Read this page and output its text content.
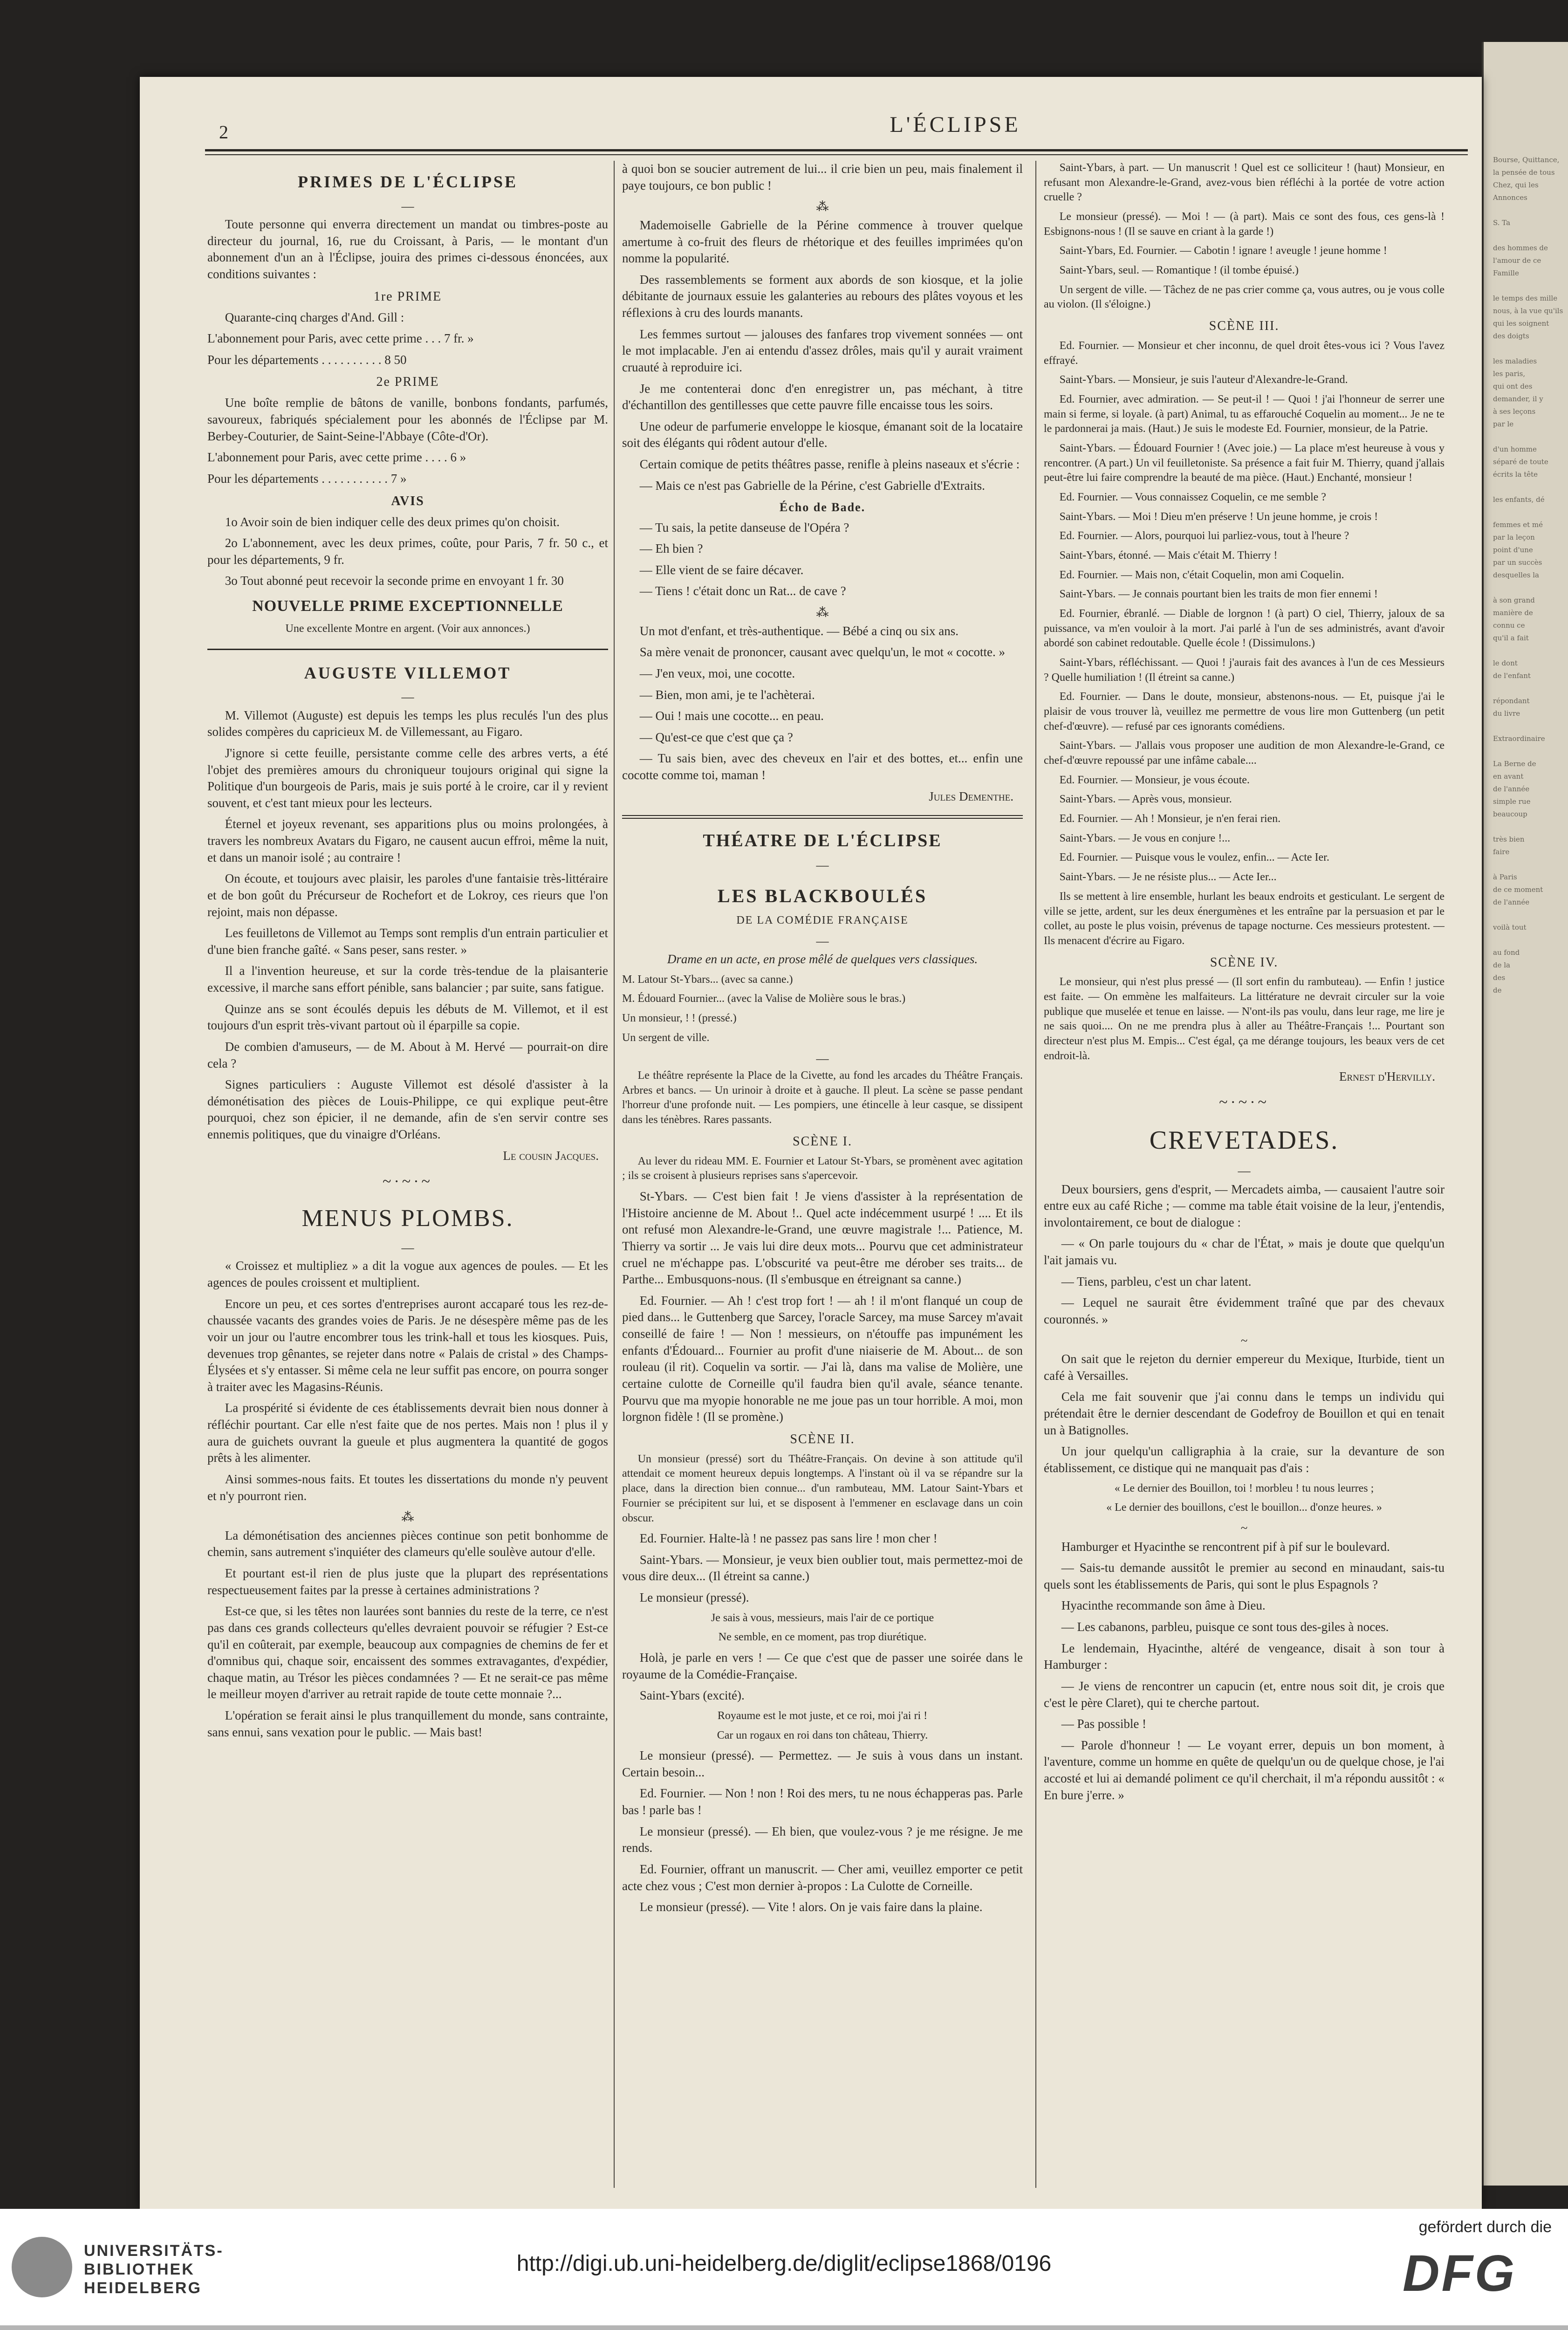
Bourse, Quittance,
la pensée de tous
Chez, qui les
Annonces

S. Ta

des hommes de
l'amour de ce
Famille

le temps des mille
nous, à la vue qu'ils
qui les soignent
des doigts

les maladies
les paris,
qui ont des
demander, il y
à ses leçons
par le

d'un homme
séparé de toute
écrits la tête

les enfants, dé

femmes et mé
par la leçon
point d'une
par un succès
desquelles la

à son grand
manière de
connu ce
qu'il a fait

le dont
de l'enfant

répondant
du livre

Extraordinaire

La Berne de
en avant
de l'année
simple rue
beaucoup

très bien
faire

à Paris
de ce moment
de l'année

voilà tout

au fond
de la
des
de
2	L'ÉCLIPSE
PRIMES DE L'ÉCLIPSE
—

Toute personne qui enverra directement un mandat ou timbres-poste au directeur du journal, 16, rue du Croissant, à Paris, — le montant d'un abonnement d'un an à l'Éclipse, jouira des primes ci-dessous énoncées, aux conditions suivantes :

1re PRIME

Quarante-cinq charges d'And. Gill :

L'abonnement pour Paris, avec cette prime . . . 7 fr. »

Pour les départements . . . . . . . . . . 8 50

2e PRIME

Une boîte remplie de bâtons de vanille, bonbons fondants, parfumés, savoureux, fabriqués spécialement pour les abonnés de l'Éclipse par M. Berbey-Couturier, de Saint-Seine-l'Abbaye (Côte-d'Or).

L'abonnement pour Paris, avec cette prime . . . . 6 »

Pour les départements . . . . . . . . . . . 7 »

AVIS

1o Avoir soin de bien indiquer celle des deux primes qu'on choisit.

2o L'abonnement, avec les deux primes, coûte, pour Paris, 7 fr. 50 c., et pour les départements, 9 fr.

3o Tout abonné peut recevoir la seconde prime en envoyant 1 fr. 30

NOUVELLE PRIME EXCEPTIONNELLE

Une excellente Montre en argent. (Voir aux annonces.)

AUGUSTE VILLEMOT
—

M. Villemot (Auguste) est depuis les temps les plus reculés l'un des plus solides compères du capricieux M. de Villemessant, au Figaro.

J'ignore si cette feuille, persistante comme celle des arbres verts, a été l'objet des premières amours du chroniqueur toujours original qui signe la Politique d'un bourgeois de Paris, mais je suis porté à le croire, car il y revient souvent, et c'est tant mieux pour les lecteurs.

Éternel et joyeux revenant, ses apparitions plus ou moins prolongées, à travers les nombreux Avatars du Figaro, ne causent aucun effroi, même la nuit, et dans un manoir isolé ; au contraire !

On écoute, et toujours avec plaisir, les paroles d'une fantaisie très-littéraire et de bon goût du Précurseur de Rochefort et de Lokroy, ces rieurs que l'on rejoint, mais non dépasse.

Les feuilletons de Villemot au Temps sont remplis d'un entrain particulier et d'une bien franche gaîté. « Sans peser, sans rester. »

Il a l'invention heureuse, et sur la corde très-tendue de la plaisanterie excessive, il marche sans effort pénible, sans balancier ; par suite, sans fatigue.

Quinze ans se sont écoulés depuis les débuts de M. Villemot, et il est toujours d'un esprit très-vivant partout où il éparpille sa copie.

De combien d'amuseurs, — de M. About à M. Hervé — pourrait-on dire cela ?

Signes particuliers : Auguste Villemot est désolé d'assister à la démonétisation des pièces de Louis-Philippe, ce qui explique peut-être pourquoi, chez son épicier, il ne demande, afin de s'en servir contre ses ennemis politiques, que du vinaigre d'Orléans.

Le cousin Jacques.
~·~·~
MENUS PLOMBS.
—

« Croissez et multipliez » a dit la vogue aux agences de poules. — Et les agences de poules croissent et multiplient.

Encore un peu, et ces sortes d'entreprises auront accaparé tous les rez-de-chaussée vacants des grandes voies de Paris. Je ne désespère même pas de les voir un jour ou l'autre encombrer tous les trink-hall et tous les kiosques. Puis, devenues trop gênantes, se rejeter dans notre « Palais de cristal » des Champs-Élysées et s'y entasser. Si même cela ne leur suffit pas encore, on pourra songer à traiter avec les Magasins-Réunis.

La prospérité si évidente de ces établissements devrait bien nous donner à réfléchir pourtant. Car elle n'est faite que de nos pertes. Mais non ! plus il y aura de guichets ouvrant la gueule et plus augmentera la quantité de gogos prêts à les alimenter.

Ainsi sommes-nous faits. Et toutes les dissertations du monde n'y peuvent et n'y pourront rien.

⁂

La démonétisation des anciennes pièces continue son petit bonhomme de chemin, sans autrement s'inquiéter des clameurs qu'elle soulève autour d'elle.

Et pourtant est-il rien de plus juste que la plupart des représentations respectueusement faites par la presse à certaines administrations ?

Est-ce que, si les têtes non laurées sont bannies du reste de la terre, ce n'est pas dans ces grands collecteurs qu'elles devraient pouvoir se réfugier ? Est-ce qu'il en coûterait, par exemple, beaucoup aux compagnies de chemins de fer et d'omnibus qui, chaque soir, encaissent des sommes extravagantes, d'expédier, chaque matin, au Trésor les pièces condamnées ? — Et ne serait-ce pas même le meilleur moyen d'arriver au retrait rapide de toute cette monnaie ?...

L'opération se ferait ainsi le plus tranquillement du monde, sans contrainte, sans ennui, sans vexation pour le public. — Mais bast!

à quoi bon se soucier autrement de lui... il crie bien un peu, mais finalement il paye toujours, ce bon public !

⁂

Mademoiselle Gabrielle de la Périne commence à trouver quelque amertume à co-fruit des fleurs de rhétorique et des feuilles imprimées qu'on nomme la popularité.

Des rassemblements se forment aux abords de son kiosque, et la jolie débitante de journaux essuie les galanteries au rebours des plâtes voyous et les réflexions à cru des lourds manants.

Les femmes surtout — jalouses des fanfares trop vivement sonnées — ont le mot implacable. J'en ai entendu d'assez drôles, mais qu'il y aurait vraiment cruauté à reproduire ici.

Je me contenterai donc d'en enregistrer un, pas méchant, à titre d'échantillon des gentillesses que cette pauvre fille encaisse tous les soirs.

Une odeur de parfumerie enveloppe le kiosque, émanant soit de la locataire soit des élégants qui rôdent autour d'elle.

Certain comique de petits théâtres passe, renifle à pleins naseaux et s'écrie :

— Mais ce n'est pas Gabrielle de la Périne, c'est Gabrielle d'Extraits.

Écho de Bade.

— Tu sais, la petite danseuse de l'Opéra ?

— Eh bien ?

— Elle vient de se faire décaver.

— Tiens ! c'était donc un Rat... de cave ?

⁂

Un mot d'enfant, et très-authentique. — Bébé a cinq ou six ans.

Sa mère venait de prononcer, causant avec quelqu'un, le mot « cocotte. »

— J'en veux, moi, une cocotte.

— Bien, mon ami, je te l'achèterai.

— Oui ! mais une cocotte... en peau.

— Qu'est-ce que c'est que ça ?

— Tu sais bien, avec des cheveux en l'air et des bottes, et... enfin une cocotte comme toi, maman !

Jules Dementhe.
THÉATRE DE L'ÉCLIPSE
—
LES BLACKBOULÉS

DE LA COMÉDIE FRANÇAISE

—

Drame en un acte, en prose mêlé de quelques vers classiques.

M. Latour St-Ybars... (avec sa canne.)

M. Édouard Fournier... (avec la Valise de Molière sous le bras.)

Un monsieur, ! ! (pressé.)

Un sergent de ville.

—

Le théâtre représente la Place de la Civette, au fond les arcades du Théâtre Français. Arbres et bancs. — Un urinoir à droite et à gauche. Il pleut. La scène se passe pendant l'horreur d'une profonde nuit. — Les pompiers, une étincelle à leur casque, se dissipent dans les ténèbres. Rares passants.

SCÈNE I.

Au lever du rideau MM. E. Fournier et Latour St-Ybars, se promènent avec agitation ; ils se croisent à plusieurs reprises sans s'apercevoir.

St-Ybars. — C'est bien fait ! Je viens d'assister à la représentation de l'Histoire ancienne de M. About !.. Quel acte indécemment usurpé ! .... Et ils ont refusé mon Alexandre-le-Grand, une œuvre magistrale !... Patience, M. Thierry va sortir ... Je vais lui dire deux mots... Pourvu que cet administrateur cruel ne m'échappe pas. L'obscurité va peut-être me dérober ses traits... de Parthe... Embusquons-nous. (Il s'embusque en étreignant sa canne.)

Ed. Fournier. — Ah ! c'est trop fort ! — ah ! il m'ont flanqué un coup de pied dans... le Guttenberg que Sarcey, l'oracle Sarcey, ma muse Sarcey m'avait conseillé de faire ! — Non ! messieurs, on n'étouffe pas impunément les enfants d'Édouard... Fournier au profit d'une niaiserie de M. About... de son rouleau (il rit). Coquelin va sortir. — J'ai là, dans ma valise de Molière, une certaine culotte de Corneille qu'il faudra bien qu'il avale, séance tenante. Pourvu que ma myopie honorable ne me joue pas un tour horrible. A moi, mon lorgnon fidèle ! (Il se promène.)

SCÈNE II.

Un monsieur (pressé) sort du Théâtre-Français. On devine à son attitude qu'il attendait ce moment heureux depuis longtemps. A l'instant où il va se répandre sur la place, dans la direction bien connue... d'un rambuteau, MM. Latour Saint-Ybars et Fournier se précipitent sur lui, et se disposent à l'emmener en esclavage dans un coin obscur.

Ed. Fournier. Halte-là ! ne passez pas sans lire ! mon cher !

Saint-Ybars. — Monsieur, je veux bien oublier tout, mais permettez-moi de vous dire deux... (Il étreint sa canne.)

Le monsieur (pressé).

Je sais à vous, messieurs, mais l'air de ce portique

Ne semble, en ce moment, pas trop diurétique.

Holà, je parle en vers ! — Ce que c'est que de passer une soirée dans le royaume de la Comédie-Française.

Saint-Ybars (excité).

Royaume est le mot juste, et ce roi, moi j'ai ri !

Car un rogaux en roi dans ton château, Thierry.

Le monsieur (pressé). — Permettez. — Je suis à vous dans un instant. Certain besoin...

Ed. Fournier. — Non ! non ! Roi des mers, tu ne nous échapperas pas. Parle bas ! parle bas !

Le monsieur (pressé). — Eh bien, que voulez-vous ? je me résigne. Je me rends.

Ed. Fournier, offrant un manuscrit. — Cher ami, veuillez emporter ce petit acte chez vous ; C'est mon dernier à-propos : La Culotte de Corneille.

Le monsieur (pressé). — Vite ! alors. On je vais faire dans la plaine.

Saint-Ybars, à part. — Un manuscrit ! Quel est ce solliciteur ! (haut) Monsieur, en refusant mon Alexandre-le-Grand, avez-vous bien réfléchi à la portée de votre action cruelle ?

Le monsieur (pressé). — Moi ! — (à part). Mais ce sont des fous, ces gens-là ! Esbignons-nous ! (Il se sauve en criant à la garde !)

Saint-Ybars, Ed. Fournier. — Cabotin ! ignare ! aveugle ! jeune homme !

Saint-Ybars, seul. — Romantique ! (il tombe épuisé.)

Un sergent de ville. — Tâchez de ne pas crier comme ça, vous autres, ou je vous colle au violon. (Il s'éloigne.)

SCÈNE III.

Ed. Fournier. — Monsieur et cher inconnu, de quel droit êtes-vous ici ? Vous l'avez effrayé.

Saint-Ybars. — Monsieur, je suis l'auteur d'Alexandre-le-Grand.

Ed. Fournier, avec admiration. — Se peut-il ! — Quoi ! j'ai l'honneur de serrer une main si ferme, si loyale. (à part) Animal, tu as effarouché Coquelin au moment... Je ne te le pardonnerai ja mais. (Haut.) Je suis le modeste Ed. Fournier, monsieur, de la Patrie.

Saint-Ybars. — Édouard Fournier ! (Avec joie.) — La place m'est heureuse à vous y rencontrer. (A part.) Un vil feuilletoniste. Sa présence a fait fuir M. Thierry, quand j'allais peut-être lui faire comprendre la beauté de ma pièce. (Haut.) Enchanté, monsieur !

Ed. Fournier. — Vous connaissez Coquelin, ce me semble ?

Saint-Ybars. — Moi ! Dieu m'en préserve ! Un jeune homme, je crois !

Ed. Fournier. — Alors, pourquoi lui parliez-vous, tout à l'heure ?

Saint-Ybars, étonné. — Mais c'était M. Thierry !

Ed. Fournier. — Mais non, c'était Coquelin, mon ami Coquelin.

Saint-Ybars. — Je connais pourtant bien les traits de mon fier ennemi !

Ed. Fournier, ébranlé. — Diable de lorgnon ! (à part) O ciel, Thierry, jaloux de sa puissance, va m'en vouloir à la mort. J'ai parlé à l'un de ses administrés, avant d'avoir abordé son cabinet redoutable. Quelle école ! (Dissimulons.)

Saint-Ybars, réfléchissant. — Quoi ! j'aurais fait des avances à l'un de ces Messieurs ? Quelle humiliation ! (Il étreint sa canne.)

Ed. Fournier. — Dans le doute, monsieur, abstenons-nous. — Et, puisque j'ai le plaisir de vous trouver là, veuillez me permettre de vous lire mon Guttenberg (un petit chef-d'œuvre). — refusé par ces ignorants comédiens.

Saint-Ybars. — J'allais vous proposer une audition de mon Alexandre-le-Grand, ce chef-d'œuvre repoussé par une infâme cabale....

Ed. Fournier. — Monsieur, je vous écoute.

Saint-Ybars. — Après vous, monsieur.

Ed. Fournier. — Ah ! Monsieur, je n'en ferai rien.

Saint-Ybars. — Je vous en conjure !...

Ed. Fournier. — Puisque vous le voulez, enfin... — Acte Ier.

Saint-Ybars. — Je ne résiste plus... — Acte Ier...

Ils se mettent à lire ensemble, hurlant les beaux endroits et gesticulant. Le sergent de ville se jette, ardent, sur les deux énergumènes et les entraîne par la persuasion et par le collet, au poste le plus voisin, prévenus de tapage nocturne. Ces messieurs protestent. — Ils menacent d'écrire au Figaro.

SCÈNE IV.

Le monsieur, qui n'est plus pressé — (Il sort enfin du rambuteau). — Enfin ! justice est faite. — On emmène les malfaiteurs. La littérature ne devrait circuler sur la voie publique que muselée et tenue en laisse. — N'ont-ils pas voulu, dans leur rage, me lire je ne sais quoi.... On ne me prendra plus à aller au Théâtre-Français !... Pourtant son directeur n'est plus M. Empis... C'est égal, ça me dérange toujours, les beaux vers de cet endroit-là.

Ernest d'Hervilly.
~·~·~
CREVETADES.
—

Deux boursiers, gens d'esprit, — Mercadets aimba, — causaient l'autre soir entre eux au café Riche ; — comme ma table était voisine de la leur, j'entendis, involontairement, ce bout de dialogue :

— « On parle toujours du « char de l'État, » mais je doute que quelqu'un l'ait jamais vu.

— Tiens, parbleu, c'est un char latent.

— Lequel ne saurait être évidemment traîné que par des chevaux couronnés. »

~

On sait que le rejeton du dernier empereur du Mexique, Iturbide, tient un café à Versailles.

Cela me fait souvenir que j'ai connu dans le temps un individu qui prétendait être le dernier descendant de Godefroy de Bouillon et qui en tenait un à Batignolles.

Un jour quelqu'un calligraphia à la craie, sur la devanture de son établissement, ce distique qui ne manquait pas d'ais :

« Le dernier des Bouillon, toi ! morbleu ! tu nous leurres ;

« Le dernier des bouillons, c'est le bouillon... d'onze heures. »

~

Hamburger et Hyacinthe se rencontrent pif à pif sur le boulevard.

— Sais-tu demande aussitôt le premier au second en minaudant, sais-tu quels sont les établissements de Paris, qui sont le plus Espagnols ?

Hyacinthe recommande son âme à Dieu.

— Les cabanons, parbleu, puisque ce sont tous des-giles à noces.

Le lendemain, Hyacinthe, altéré de vengeance, disait à son tour à Hamburger :

— Je viens de rencontrer un capucin (et, entre nous soit dit, je crois que c'est le père Claret), qui te cherche partout.

— Pas possible !

— Parole d'honneur ! — Le voyant errer, depuis un bon moment, à l'aventure, comme un homme en quête de quelqu'un ou de quelque chose, je l'ai accosté et lui ai demandé poliment ce qu'il cherchait, il m'a répondu aussitôt : « En bure j'erre. »

UNIVERSITÄTS-
BIBLIOTHEK
HEIDELBERG
http://digi.ub.uni-heidelberg.de/diglit/eclipse1868/0196
gefördert durch die
DFG
